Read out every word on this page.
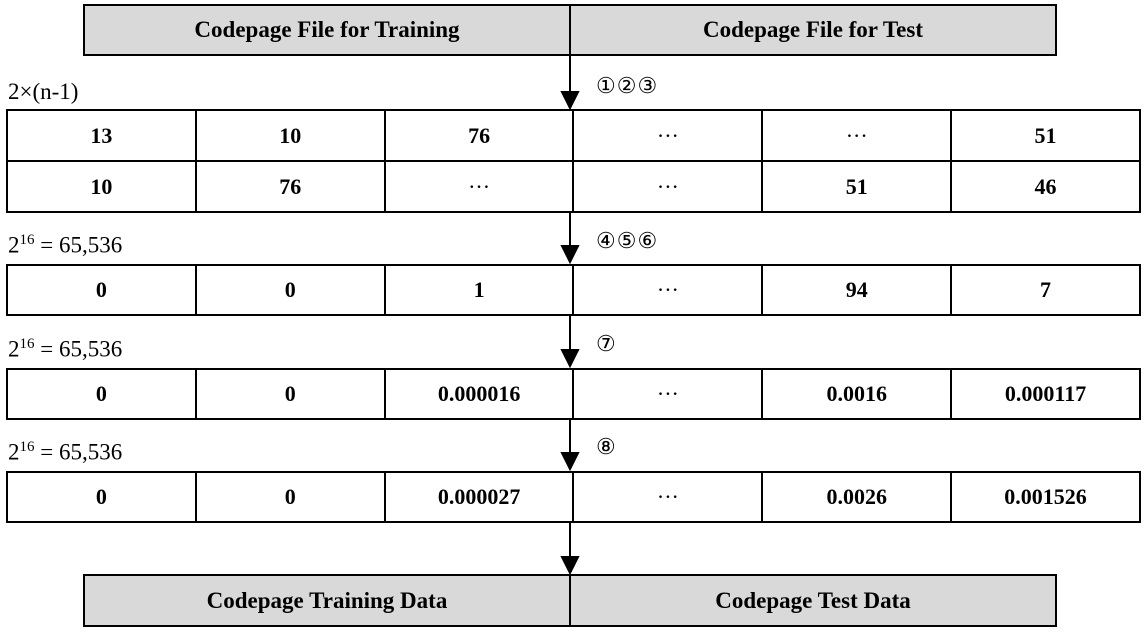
Codepage File for Training	Codepage File for Test
2×(n-1)	①②③
13	10	76	···	···	51
10	76	···	···	51	46
$2^{16} = 65,536$	④⑤⑥
0	0	1	···	94	7
$2^{16} = 65,536$	⑦
0	0	0.000016	···	0.0016	0.000117
$2^{16} = 65,536$	⑧
0	0	0.000027	···	0.0026	0.001526
Codepage Training Data	Codepage Test Data
